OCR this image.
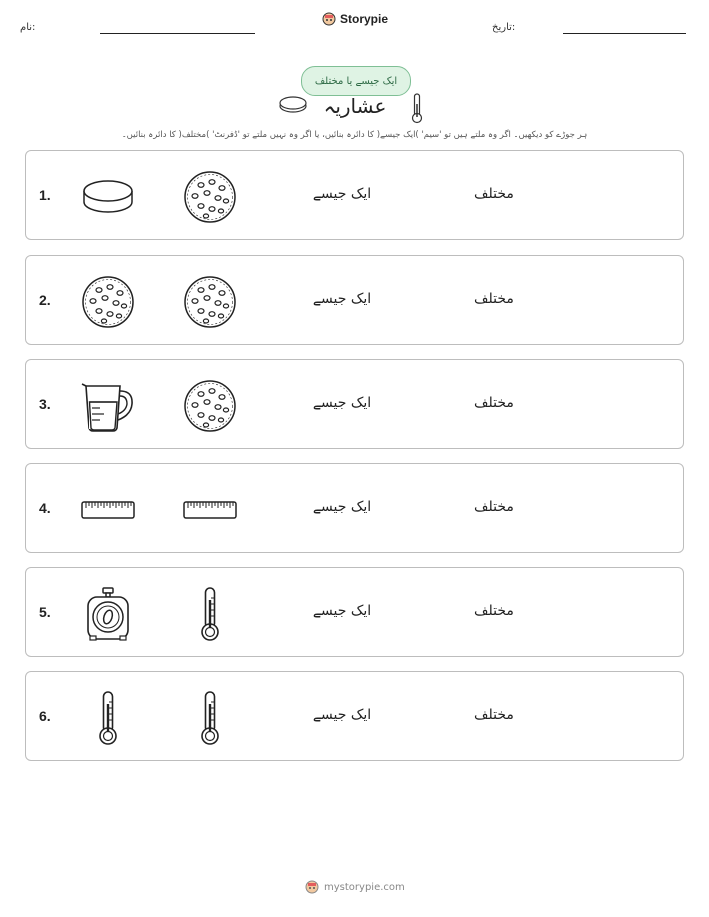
نام:
Storypie
تاریخ:
ایک جیسے یا مختلف
عشاریہ
ہر جوڑے کو دیکھیں۔ اگر وہ ملتے ہیں تو 'سیم' )ایک جیسے( کا دائرہ بنائیں، یا اگر وہ نہیں ملتے تو 'ڈفرنٹ' )مختلف( کا دائرہ بنائیں۔
1.	ایک جیسے	مختلف
2.	ایک جیسے	مختلف
3.	ایک جیسے	مختلف
4.	ایک جیسے	مختلف
5.	ایک جیسے	مختلف
6.	ایک جیسے	مختلف
mystorypie.com
